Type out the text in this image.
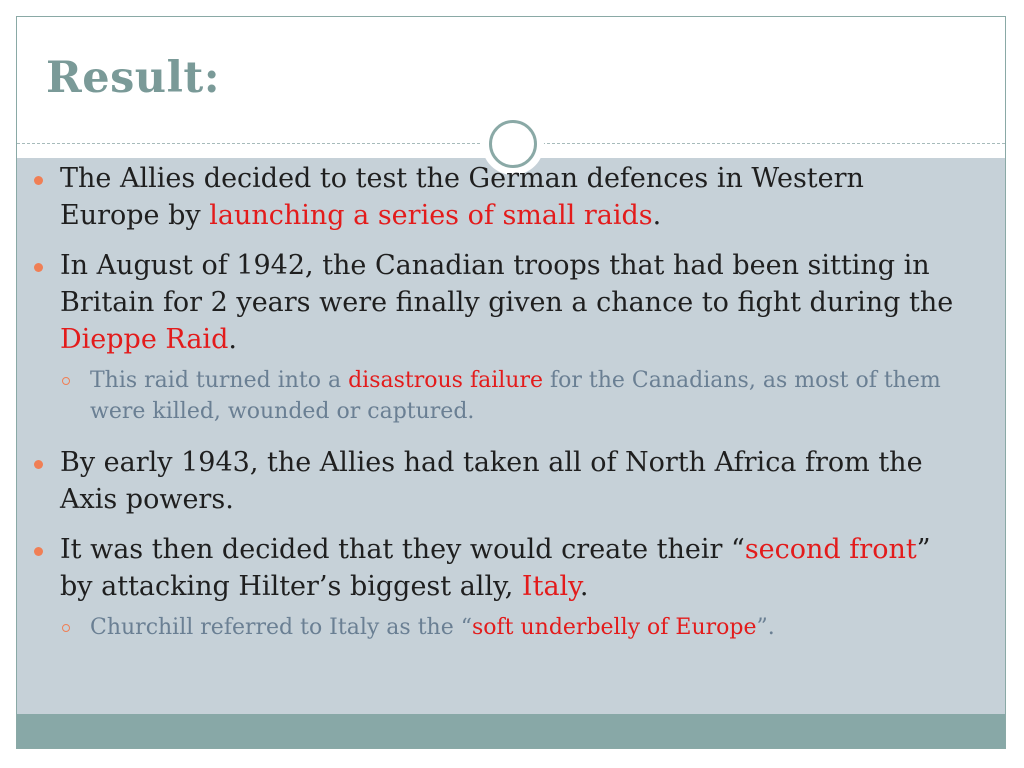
Result:
The Allies decided to test the German defences in Western Europe by launching a series of small raids.
In August of 1942, the Canadian troops that had been sitting in Britain for 2 years were finally given a chance to fight during the Dieppe Raid.
This raid turned into a disastrous failure for the Canadians, as most of them were killed, wounded or captured.
By early 1943, the Allies had taken all of North Africa from the Axis powers.
It was then decided that they would create their “second front” by attacking Hilter’s biggest ally, Italy.
Churchill referred to Italy as the “soft underbelly of Europe”.
